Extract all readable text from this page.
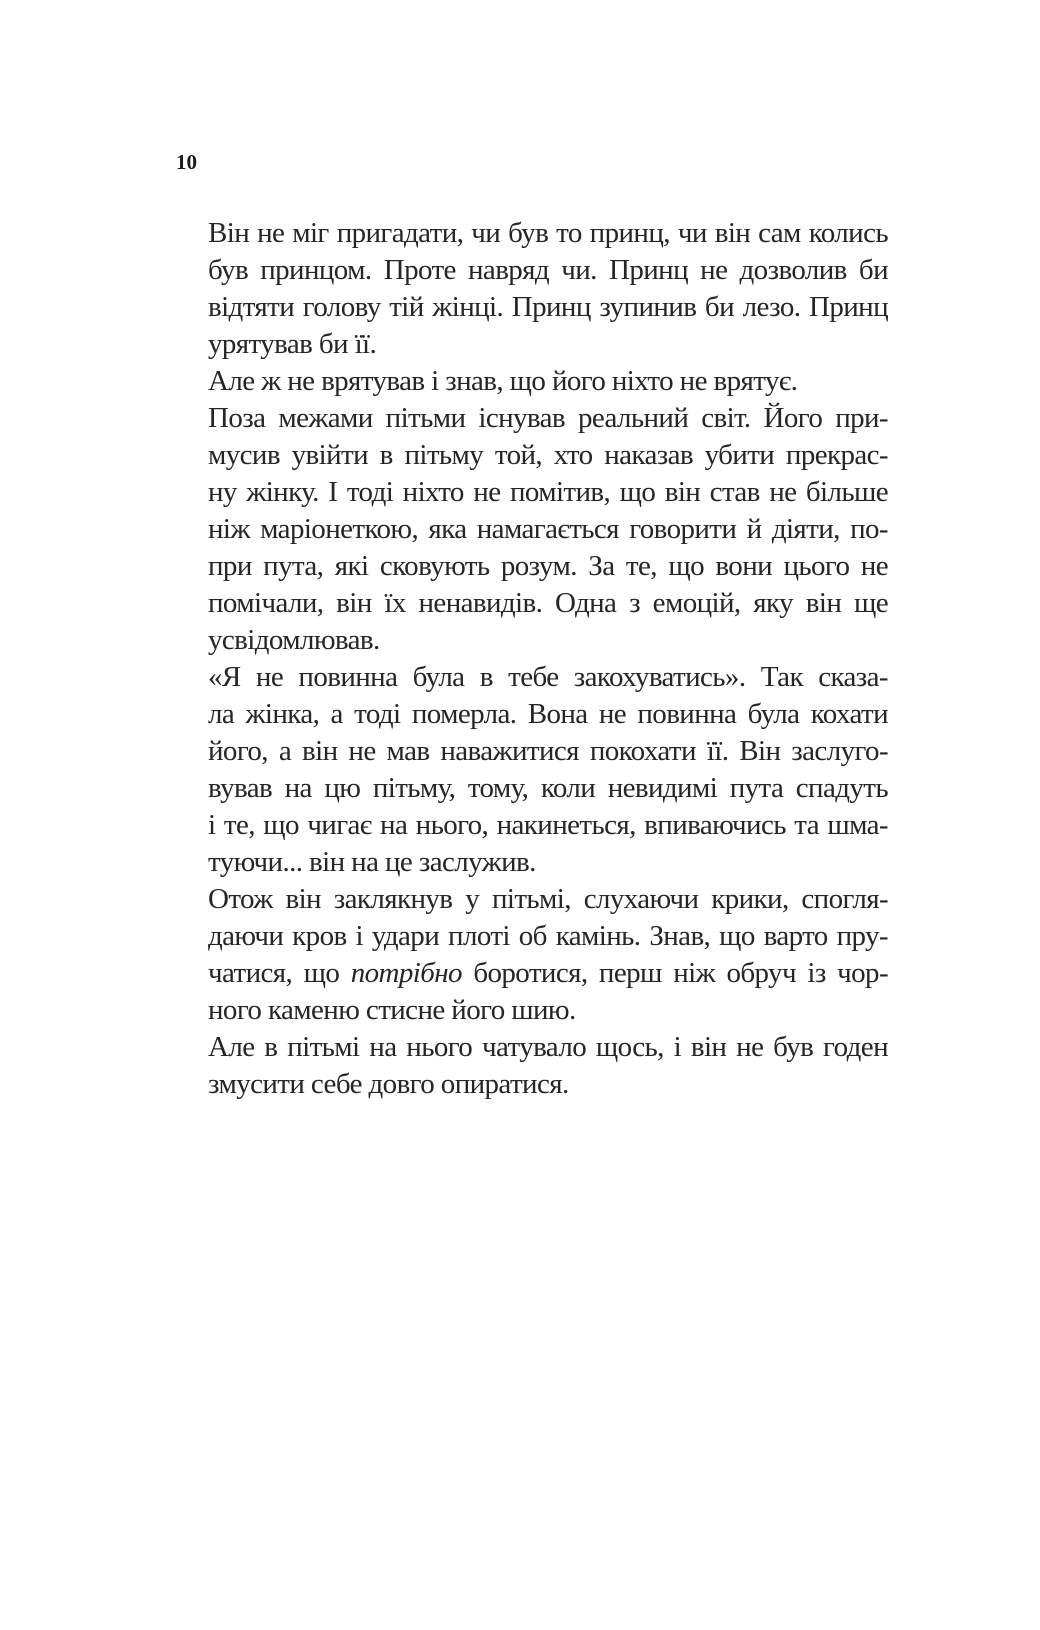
10

Він не міг пригадати, чи був то принц, чи він сам колись
був принцом. Проте навряд чи. Принц не дозволив би
відтяти голову тій жінці. Принц зупинив би лезо. Принц
урятував би її.

Але ж не врятував і знав, що його ніхто не врятує.

Поза межами пітьми існував реальний світ. Його при-
мусив увійти в пітьму той, хто наказав убити прекрас-
ну жінку. І тоді ніхто не помітив, що він став не більше
ніж маріонеткою, яка намагається говорити й діяти, по-
при пута, які сковують розум. За те, що вони цього не
помічали, він їх ненавидів. Одна з емоцій, яку він ще
усвідомлював.

«Я не повинна була в тебе закохуватись». Так сказа-
ла жінка, а тоді померла. Вона не повинна була кохати
його, а він не мав наважитися покохати її. Він заслуго-
вував на цю пітьму, тому, коли невидимі пута спадуть
і те, що чигає на нього, накинеться, впиваючись та шма-
туючи... він на це заслужив.

Отож він заклякнув у пітьмі, слухаючи крики, спогля-
даючи кров і удари плоті об камінь. Знав, що варто пру-
чатися, що потрібно боротися, перш ніж обруч із чор-
ного каменю стисне його шию.

Але в пітьмі на нього чатувало щось, і він не був годен
змусити себе довго опиратися.
